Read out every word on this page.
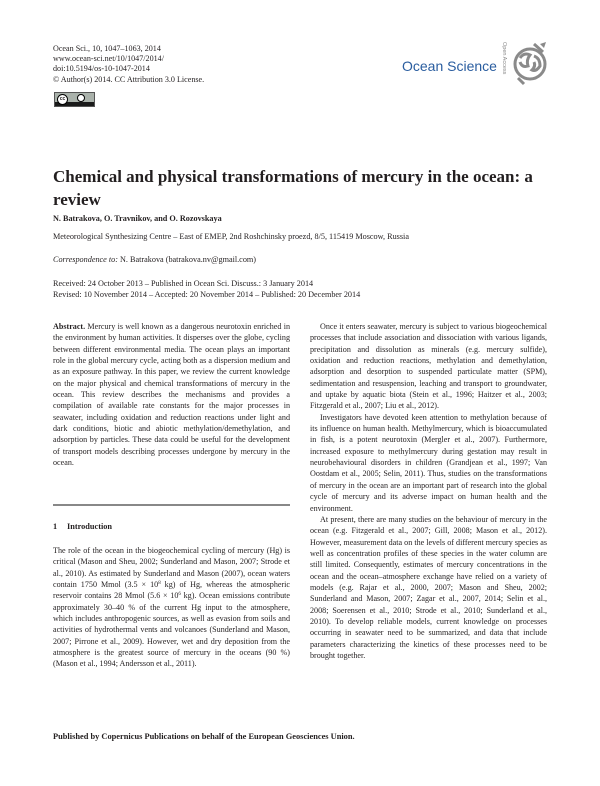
Ocean Sci., 10, 1047–1063, 2014
www.ocean-sci.net/10/1047/2014/
doi:10.5194/os-10-1047-2014
© Author(s) 2014. CC Attribution 3.0 License.
cc
Ocean Science Open Access
Chemical and physical transformations of mercury in the ocean: a review
N. Batrakova, O. Travnikov, and O. Rozovskaya
Meteorological Synthesizing Centre – East of EMEP, 2nd Roshchinsky proezd, 8/5, 115419 Moscow, Russia
Correspondence to: N. Batrakova (batrakova.nv@gmail.com)
Received: 24 October 2013 – Published in Ocean Sci. Discuss.: 3 January 2014
Revised: 10 November 2014 – Accepted: 20 November 2014 – Published: 20 December 2014

Abstract. Mercury is well known as a dangerous neurotoxin enriched in the environment by human activities. It disperses over the globe, cycling between different environmental media. The ocean plays an important role in the global mercury cycle, acting both as a dispersion medium and as an exposure pathway. In this paper, we review the current knowledge on the major physical and chemical transformations of mercury in the ocean. This review describes the mechanisms and provides a compilation of available rate constants for the major processes in seawater, including oxidation and reduction reactions under light and dark conditions, biotic and abiotic methylation/demethylation, and adsorption by particles. These data could be useful for the development of transport models describing processes undergone by mercury in the ocean.

1 Introduction

The role of the ocean in the biogeochemical cycling of mercury (Hg) is critical (Mason and Sheu, 2002; Sunderland and Mason, 2007; Strode et al., 2010). As estimated by Sunderland and Mason (2007), ocean waters contain 1750 Mmol ($3.5 \times 10^8$ kg) of Hg, whereas the atmospheric reservoir contains 28 Mmol ($5.6 \times 10^6$ kg). Ocean emissions contribute approximately 30–40 % of the current Hg input to the atmosphere, which includes anthropogenic sources, as well as evasion from soils and activities of hydrothermal vents and volcanoes (Sunderland and Mason, 2007; Pirrone et al., 2009). However, wet and dry deposition from the atmosphere is the greatest source of mercury in the oceans (90 %) (Mason et al., 1994; Andersson et al., 2011).

Once it enters seawater, mercury is subject to various biogeochemical processes that include association and dissociation with various ligands, precipitation and dissolution as minerals (e.g. mercury sulfide), oxidation and reduction reactions, methylation and demethylation, adsorption and desorption to suspended particulate matter (SPM), sedimentation and resuspension, leaching and transport to groundwater, and uptake by aquatic biota (Stein et al., 1996; Haitzer et al., 2003; Fitzgerald et al., 2007; Liu et al., 2012).

Investigators have devoted keen attention to methylation because of its influence on human health. Methylmercury, which is bioaccumulated in fish, is a potent neurotoxin (Mergler et al., 2007). Furthermore, increased exposure to methylmercury during gestation may result in neurobehavioural disorders in children (Grandjean et al., 1997; Van Oostdam et al., 2005; Selin, 2011). Thus, studies on the transformations of mercury in the ocean are an important part of research into the global cycle of mercury and its adverse impact on human health and the environment.

At present, there are many studies on the behaviour of mercury in the ocean (e.g. Fitzgerald et al., 2007; Gill, 2008; Mason et al., 2012). However, measurement data on the levels of different mercury species as well as concentration profiles of these species in the water column are still limited. Consequently, estimates of mercury concentrations in the ocean and the ocean–atmosphere exchange have relied on a variety of models (e.g. Rajar et al., 2000, 2007; Mason and Sheu, 2002; Sunderland and Mason, 2007; Zagar et al., 2007, 2014; Selin et al., 2008; Soerensen et al., 2010; Strode et al., 2010; Sunderland et al., 2010). To develop reliable models, current knowledge on processes occurring in seawater need to be summarized, and data that include parameters characterizing the kinetics of these processes need to be brought together.

Published by Copernicus Publications on behalf of the European Geosciences Union.
